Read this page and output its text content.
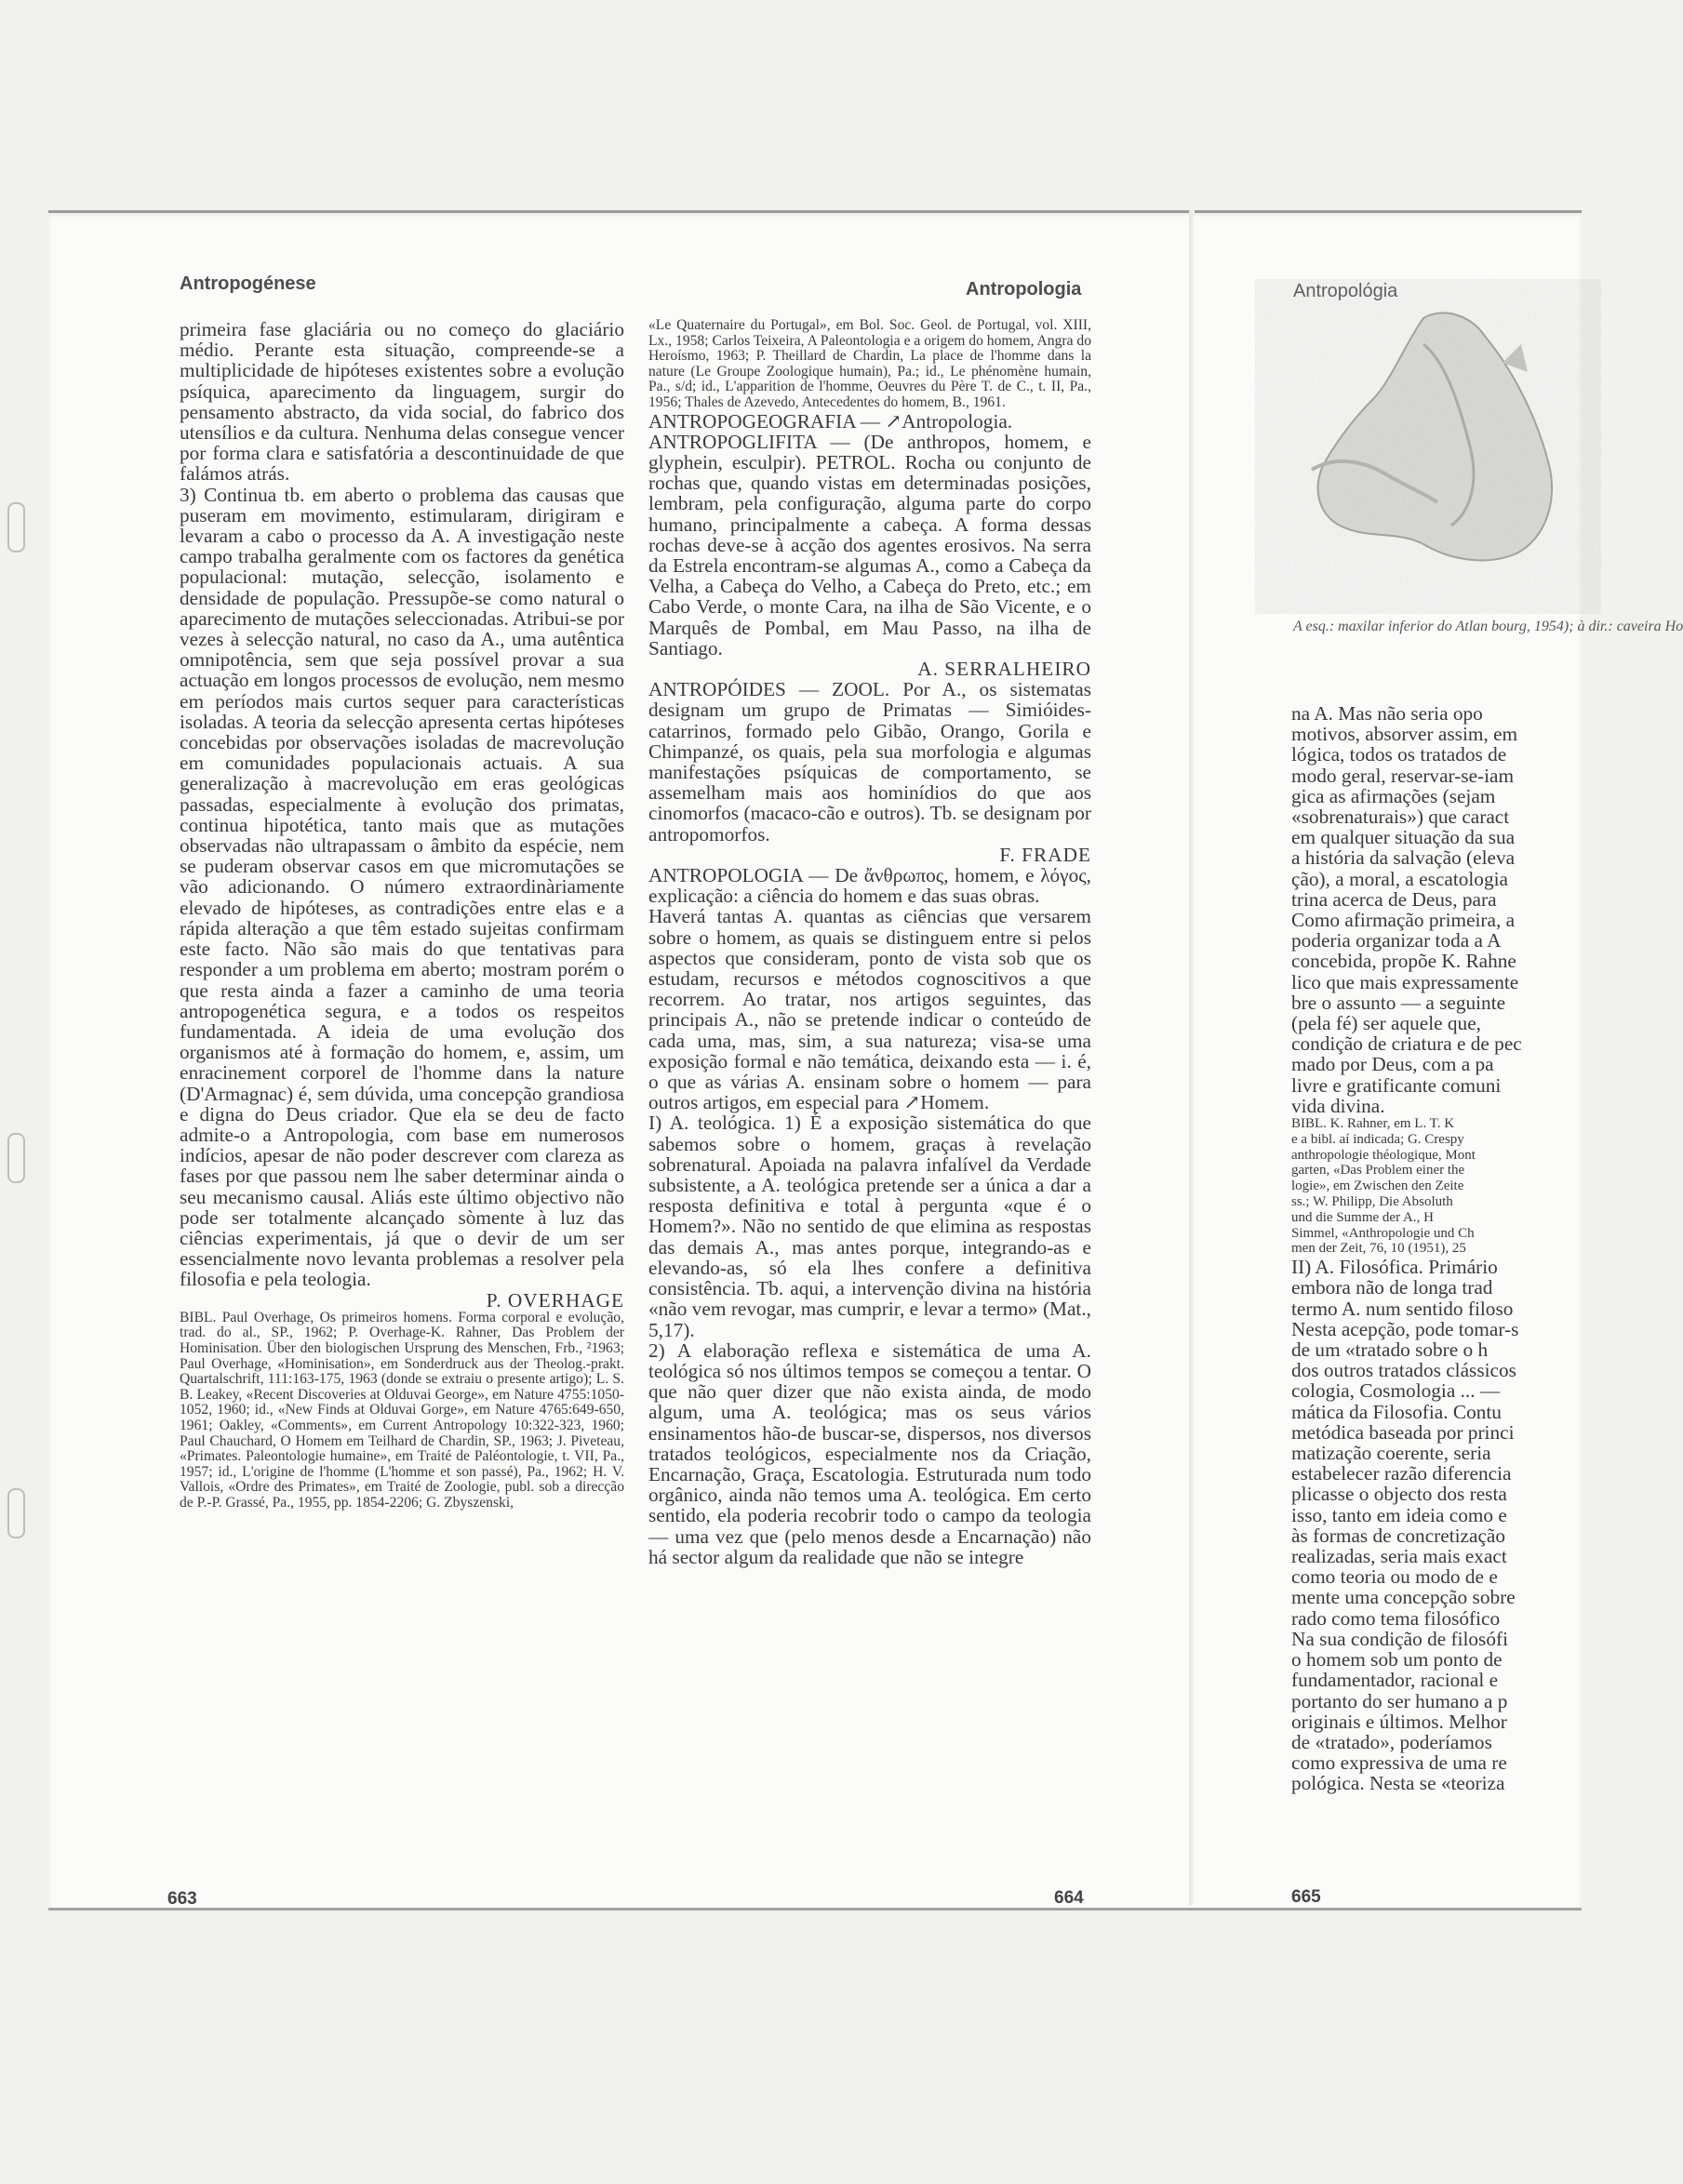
Antropogénese	Antropologia	Antropológia

primeira fase glaciária ou no começo do glaciário médio. Perante esta situação, compreende-se a multiplicidade de hipóteses existentes sobre a evolução psíquica, aparecimento da linguagem, surgir do pensamento abstracto, da vida social, do fabrico dos utensílios e da cultura. Nenhuma delas consegue vencer por forma clara e satisfatória a descontinuidade de que falámos atrás.

3) Continua tb. em aberto o problema das causas que puseram em movimento, estimularam, dirigiram e levaram a cabo o processo da A. A investigação neste campo trabalha geralmente com os factores da genética populacional: mutação, selecção, isolamento e densidade de população. Pressupõe-se como natural o aparecimento de mutações seleccionadas. Atribui-se por vezes à selecção natural, no caso da A., uma autêntica omnipotência, sem que seja possível provar a sua actuação em longos processos de evolução, nem mesmo em períodos mais curtos sequer para características isoladas. A teoria da selecção apresenta certas hipóteses concebidas por observações isoladas de macrevolução em comunidades populacionais actuais. A sua generalização à macrevolução em eras geológicas passadas, especialmente à evolução dos primatas, continua hipotética, tanto mais que as mutações observadas não ultrapassam o âmbito da espécie, nem se puderam observar casos em que micromutações se vão adicionando. O número extraordinàriamente elevado de hipóteses, as contradições entre elas e a rápida alteração a que têm estado sujeitas confirmam este facto. Não são mais do que tentativas para responder a um problema em aberto; mostram porém o que resta ainda a fazer a caminho de uma teoria antropogenética segura, e a todos os respeitos fundamentada. A ideia de uma evolução dos organismos até à formação do homem, e, assim, um enracinement corporel de l'homme dans la nature (D'Armagnac) é, sem dúvida, uma concepção grandiosa e digna do Deus criador. Que ela se deu de facto admite-o a Antropologia, com base em numerosos indícios, apesar de não poder descrever com clareza as fases por que passou nem lhe saber determinar ainda o seu mecanismo causal. Aliás este último objectivo não pode ser totalmente alcançado sòmente à luz das ciências experimentais, já que o devir de um ser essencialmente novo levanta problemas a resolver pela filosofia e pela teologia.

P. OVERHAGE

BIBL. Paul Overhage, Os primeiros homens. Forma corporal e evolução, trad. do al., SP., 1962; P. Overhage-K. Rahner, Das Problem der Hominisation. Über den biologischen Ursprung des Menschen, Frb., ²1963; Paul Overhage, «Hominisation», em Sonderdruck aus der Theolog.-prakt. Quartalschrift, 111:163-175, 1963 (donde se extraiu o presente artigo); L. S. B. Leakey, «Recent Discoveries at Olduvai George», em Nature 4755:1050-1052, 1960; id., «New Finds at Olduvai Gorge», em Nature 4765:649-650, 1961; Oakley, «Comments», em Current Antropology 10:322-323, 1960; Paul Chauchard, O Homem em Teilhard de Chardin, SP., 1963; J. Piveteau, «Primates. Paleontologie humaine», em Traité de Paléontologie, t. VII, Pa., 1957; id., L'origine de l'homme (L'homme et son passé), Pa., 1962; H. V. Vallois, «Ordre des Primates», em Traité de Zoologie, publ. sob a direcção de P.-P. Grassé, Pa., 1955, pp. 1854-2206; G. Zbyszenski,

«Le Quaternaire du Portugal», em Bol. Soc. Geol. de Portugal, vol. XIII, Lx., 1958; Carlos Teixeira, A Paleontologia e a origem do homem, Angra do Heroísmo, 1963; P. Theillard de Chardin, La place de l'homme dans la nature (Le Groupe Zoologique humain), Pa.; id., Le phénomène humain, Pa., s/d; id., L'apparition de l'homme, Oeuvres du Père T. de C., t. II, Pa., 1956; Thales de Azevedo, Antecedentes do homem, B., 1961.

ANTROPOGEOGRAFIA — ↗Antropologia.

ANTROPOGLIFITA — (De anthropos, homem, e glyphein, esculpir). PETROL. Rocha ou conjunto de rochas que, quando vistas em determinadas posições, lembram, pela configuração, alguma parte do corpo humano, principalmente a cabeça. A forma dessas rochas deve-se à acção dos agentes erosivos. Na serra da Estrela encontram-se algumas A., como a Cabeça da Velha, a Cabeça do Velho, a Cabeça do Preto, etc.; em Cabo Verde, o monte Cara, na ilha de São Vicente, e o Marquês de Pombal, em Mau Passo, na ilha de Santiago.

A. SERRALHEIRO

ANTROPÓIDES — ZOOL. Por A., os sistematas designam um grupo de Primatas — Simióides-catarrinos, formado pelo Gibão, Orango, Gorila e Chimpanzé, os quais, pela sua morfologia e algumas manifestações psíquicas de comportamento, se assemelham mais aos hominídios do que aos cinomorfos (macaco-cão e outros). Tb. se designam por antropomorfos.

F. FRADE

ANTROPOLOGIA — De ἄνθρωπος, homem, e λόγος, explicação: a ciência do homem e das suas obras.

Haverá tantas A. quantas as ciências que versarem sobre o homem, as quais se distinguem entre si pelos aspectos que consideram, ponto de vista sob que os estudam, recursos e métodos cognoscitivos a que recorrem. Ao tratar, nos artigos seguintes, das principais A., não se pretende indicar o conteúdo de cada uma, mas, sim, a sua natureza; visa-se uma exposição formal e não temática, deixando esta — i. é, o que as várias A. ensinam sobre o homem — para outros artigos, em especial para ↗Homem.

I) A. teológica. 1) É a exposição sistemática do que sabemos sobre o homem, graças à revelação sobrenatural. Apoiada na palavra infalível da Verdade subsistente, a A. teológica pretende ser a única a dar a resposta definitiva e total à pergunta «que é o Homem?». Não no sentido de que elimina as respostas das demais A., mas antes porque, integrando-as e elevando-as, só ela lhes confere a definitiva consistência. Tb. aqui, a intervenção divina na história «não vem revogar, mas cumprir, e levar a termo» (Mat., 5,17).

2) A elaboração reflexa e sistemática de uma A. teológica só nos últimos tempos se começou a tentar. O que não quer dizer que não exista ainda, de modo algum, uma A. teológica; mas os seus vários ensinamentos hão-de buscar-se, dispersos, nos diversos tratados teológicos, especialmente nos da Criação, Encarnação, Graça, Escatologia. Estruturada num todo orgânico, ainda não temos uma A. teológica. Em certo sentido, ela poderia recobrir todo o campo da teologia — uma vez que (pelo menos desde a Encarnação) não há sector algum da realidade que não se integre

A esq.: maxilar inferior do Atlan bourg, 1954); à dir.: caveira Ho
na A. Mas não seria opo
motivos, absorver assim, em
lógica, todos os tratados de
modo geral, reservar-se-iam
gica as afirmações (sejam
«sobrenaturais») que caract
em qualquer situação da sua
a história da salvação (eleva
ção), a moral, a escatologia
trina acerca de Deus, para
Como afirmação primeira, a
poderia organizar toda a A
concebida, propõe K. Rahne
lico que mais expressamente
bre o assunto — a seguinte
(pela fé) ser aquele que,
condição de criatura e de pec
mado por Deus, com a pa
livre e gratificante comuni
vida divina.
BIBL. K. Rahner, em L. T. K
e a bibl. aí indicada; G. Crespy
anthropologie théologique, Mont
garten, «Das Problem einer the
logie», em Zwischen den Zeite
ss.; W. Philipp, Die Absoluth
und die Summe der A., H
Simmel, «Anthropologie und Ch
men der Zeit, 76, 10 (1951), 25
II) A. Filosófica. Primário
embora não de longa trad
termo A. num sentido filoso
Nesta acepção, pode tomar-s
de um «tratado sobre o h
dos outros tratados clássicos
cologia, Cosmologia ... —
mática da Filosofia. Contu
metódica baseada por princi
matização coerente, seria
estabelecer razão diferencia
plicasse o objecto dos resta
isso, tanto em ideia como e
às formas de concretização
realizadas, seria mais exact
como teoria ou modo de e
mente uma concepção sobre
rado como tema filosófico
Na sua condição de filosófi
o homem sob um ponto de
fundamentador, racional e
portanto do ser humano a p
originais e últimos. Melhor
de «tratado», poderíamos
como expressiva de uma re
pológica. Nesta se «teoriza
663	664	665
